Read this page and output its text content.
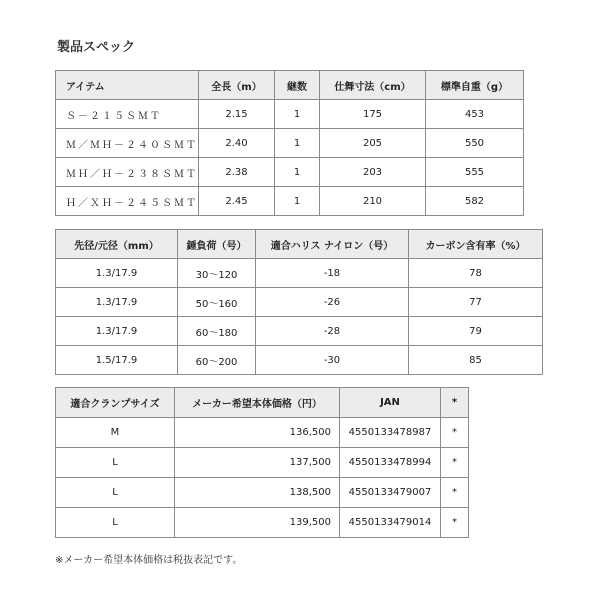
製品スペック
アイテム	全長（m）	継数	仕舞寸法（cm）	標準自重（g）
Ｓ－２１５ＳＭＴ	2.15	1	175	453
Ｍ／ＭＨ－２４０ＳＭＴ	2.40	1	205	550
ＭＨ／Ｈ－２３８ＳＭＴ	2.38	1	203	555
Ｈ／ＸＨ－２４５ＳＭＴ	2.45	1	210	582
先径/元径（mm）	錘負荷（号）	適合ハリス ナイロン（号）	カーボン含有率（%）
1.3/17.9	30～120	-18	78
1.3/17.9	50～160	-26	77
1.3/17.9	60～180	-28	79
1.5/17.9	60～200	-30	85
適合クランプサイズ	メーカー希望本体価格（円）	JAN	*
M	136,500	4550133478987	*
L	137,500	4550133478994	*
L	138,500	4550133479007	*
L	139,500	4550133479014	*
※メーカー希望本体価格は税抜表記です。
